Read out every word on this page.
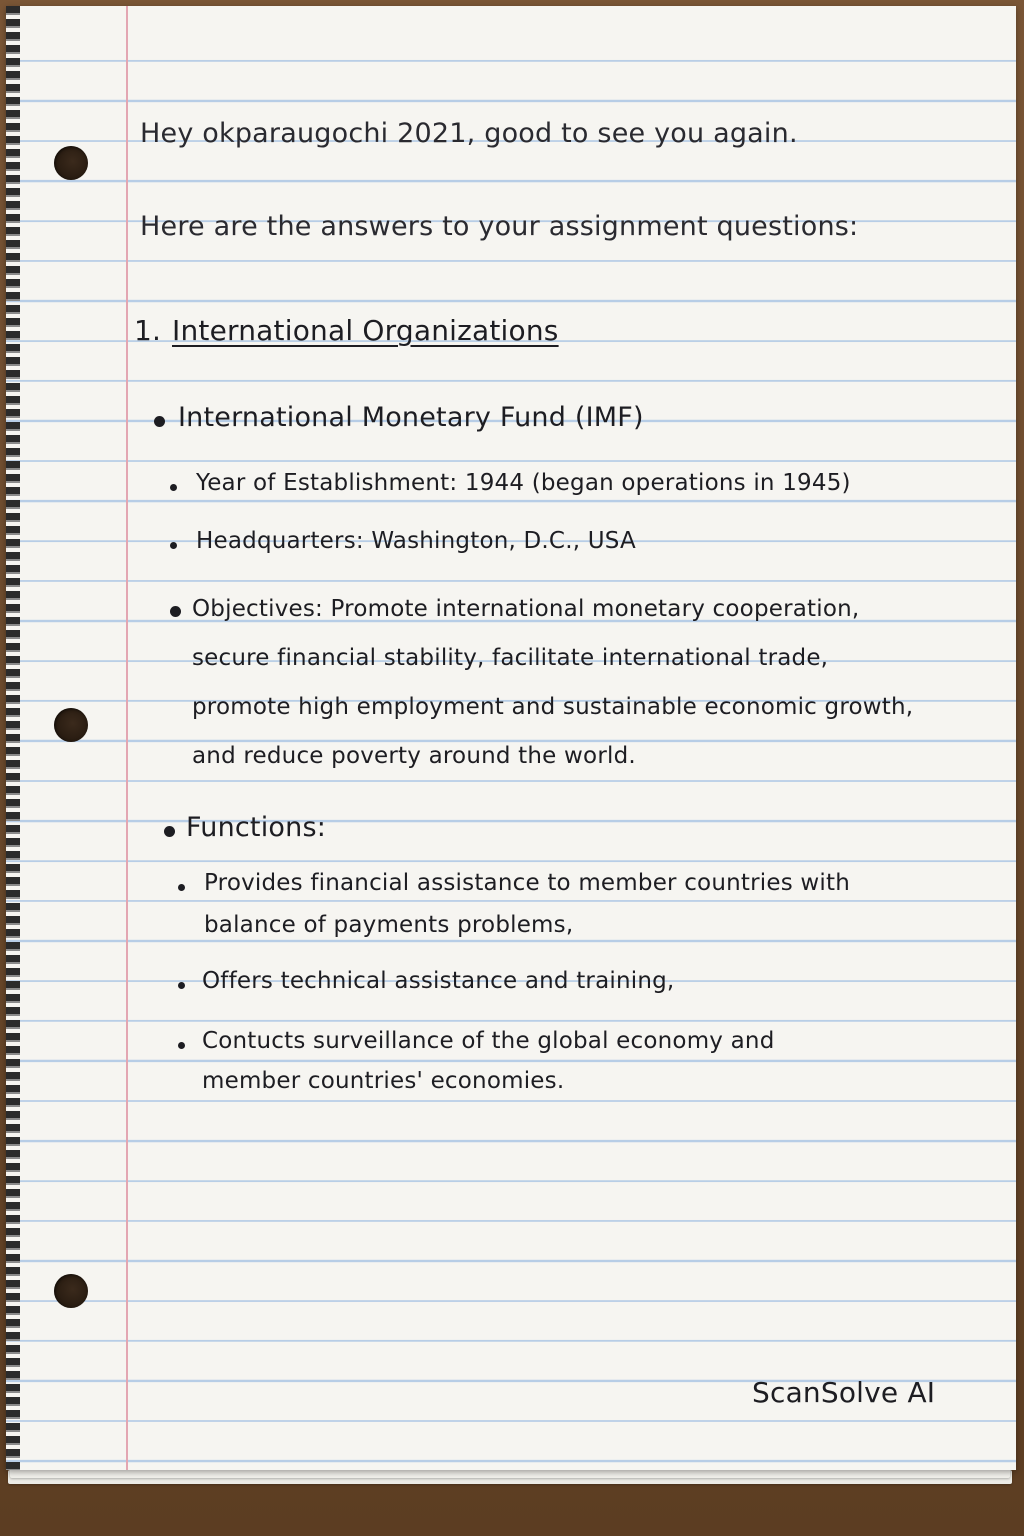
Hey okparaugochi 2021, good to see you again.
Here are the answers to your assignment questions:
1. International Organizations
International Monetary Fund (IMF)
Year of Establishment: 1944 (began operations in 1945)
Headquarters: Washington, D.C., USA
Objectives: Promote international monetary cooperation,
secure financial stability, facilitate international trade,
promote high employment and sustainable economic growth,
and reduce poverty around the world.
Functions:
Provides financial assistance to member countries with
balance of payments problems,
Offers technical assistance and training,
Contucts surveillance of the global economy and
member countries' economies.
ScanSolve AI
